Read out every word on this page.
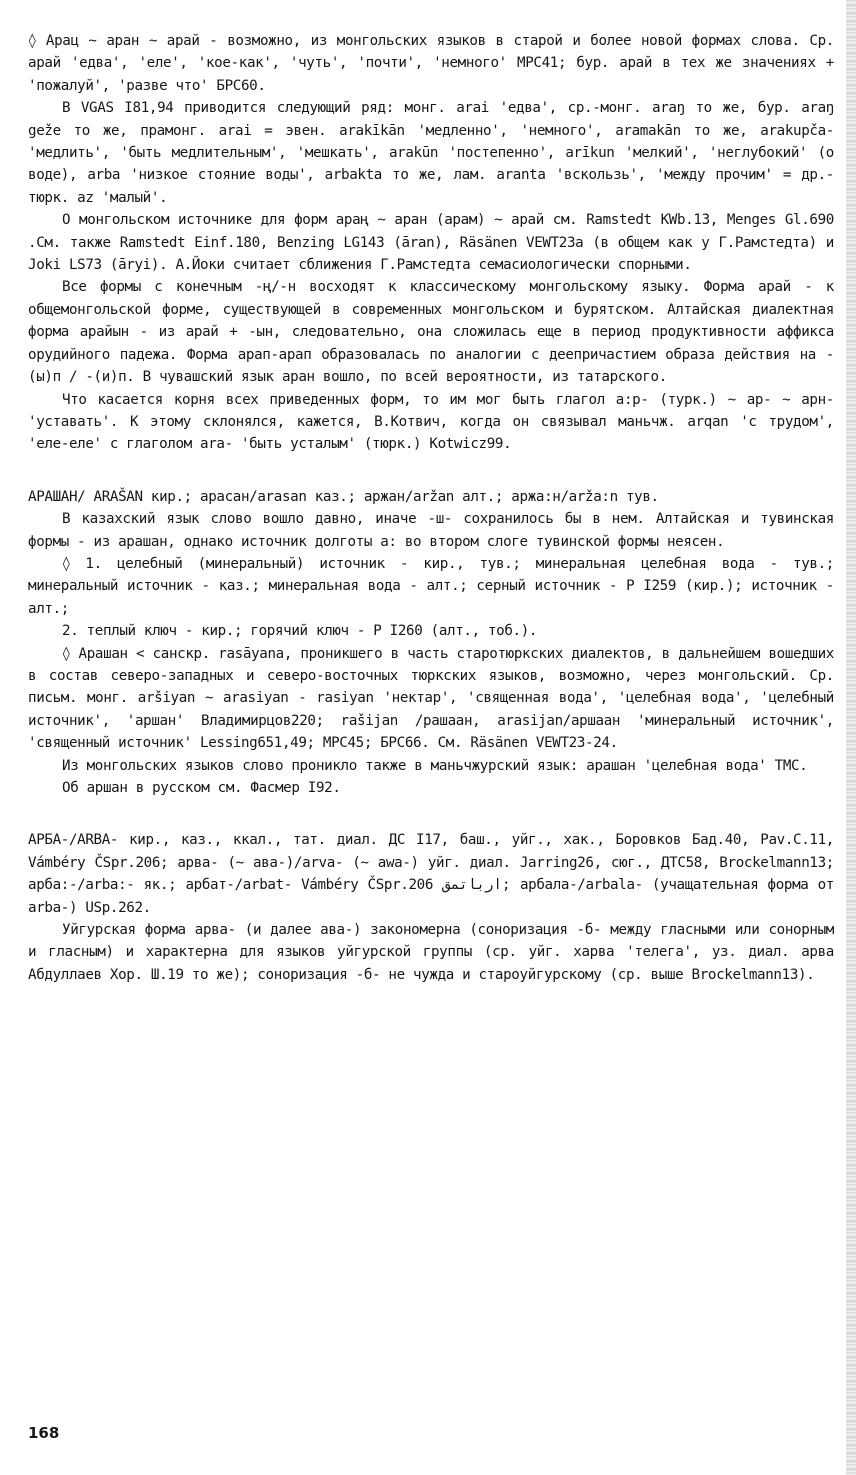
◊ Арац ~ аран ~ арай - возможно, из монгольских языков в старой и более новой формах слова. Ср. арай 'едва', 'еле', 'кое-как', 'чуть', 'почти', 'немного' МРС41; бур. арай в тех же значениях + 'пожалуй', 'разве что' БРС60.

В VGAS I81,94 приводится следующий ряд: монг. arai 'едва', ср.-монг. araŋ то же, бур. araŋ geže то же, прамонг. arai = эвен. arakīkān 'медленно', 'немного', aramakān то же, arakupča- 'медлить', 'быть медлительным', 'мешкать', arakūn 'постепенно', arīkun 'мелкий', 'неглубокий' (о воде), arba 'низкое стояние воды', arbakta то же, лам. aranta 'вскользь', 'между прочим' = др.-тюрк. az 'малый'.

О монгольском источнике для форм араң ~ аран (арам) ~ арай см. Ramstedt KWb.13, Menges Gl.690 .См. также Ramstedt Einf.180, Benzing LG143 (āran), Räsänen VEWT23a (в общем как у Г.Рамстедта) и Joki LS73 (āryi). А.Йоки считает сближения Г.Рамстедта семасиологически спорными.

Все формы с конечным -ң/-н восходят к классическому монгольскому языку. Форма арай - к общемонгольской форме, существующей в современных монгольском и бурятском. Алтайская диалектная форма арайын - из арай + -ын, следовательно, она сложилась еще в период продуктивности аффикса орудийного падежа. Форма арап-арап образовалась по аналогии с деепричастием образа действия на -(ы)п / -(и)п. В чувашский язык аран вошло, по всей вероятности, из татарского.

Что касается корня всех приведенных форм, то им мог быть глагол а:р- (турк.) ~ ар- ~ арн- 'уставать'. К этому склонялся, кажется, В.Котвич, когда он связывал маньчж. arqan 'с трудом', 'еле-еле' с глаголом ara- 'быть усталым' (тюрк.) Kotwicz99.

АРАШАН/ ARAŠAN кир.; арасан/arasan каз.; аржан/aržan алт.; аржа:н/arža:n тув.

В казахский язык слово вошло давно, иначе -ш- сохранилось бы в нем. Алтайская и тувинская формы - из арашан, однако источник долготы а: во втором слоге тувинской формы неясен.

◊ 1. целебный (минеральный) источник - кир., тув.; минеральная целебная вода - тув.; минеральный источник - каз.; минеральная вода - алт.; серный источник - Р I259 (кир.); источник - алт.;

2. теплый ключ - кир.; горячий ключ - Р I260 (алт., тоб.).

◊ Арашан < санскр. rasāyana, проникшего в часть старотюркских диалектов, в дальнейшем вошедших в состав северо-западных и северо-восточных тюркских языков, возможно, через монгольский. Ср. письм. монг. aršiyan ~ arasiyan - rasiyan 'нектар', 'священная вода', 'целебная вода', 'целебный источник', 'аршан' Владимирцов220; rašijan /рашаан, arasijan/аршаан 'минеральный источник', 'священный источник' Lessing651,49; МРС45; БРС66. См. Räsänen VEWT23-24.

Из монгольских языков слово проникло также в маньчжурский язык: арашан 'целебная вода' ТМС.

Об аршан в русском см. Фасмер I92.

АРБА-/ARBA- кир., каз., ккал., тат. диал. ДС I17, баш., уйг., хак., Боровков Бад.40, Pav.C.11, Vámbéry ČSpr.206; арва- (~ ава-)/arva- (~ awa-) уйг. диал. Jarring26, сюг., ДТС58, Brockelmann13; арба:-/arba:- як.; арбат-/arbat- Vámbéry ČSpr.206 ارباتمق; арбала-/arbala- (учащательная форма от arba-) USp.262.

Уйгурская форма арва- (и далее ава-) закономерна (соноризация -б- между гласными или сонорным и гласным) и характерна для языков уйгурской группы (ср. уйг. харва 'телега', уз. диал. арва Абдуллаев Хор. Ш.19 то же); соноризация -б- не чужда и староуйгурскому (ср. выше Brockelmann13).

168
